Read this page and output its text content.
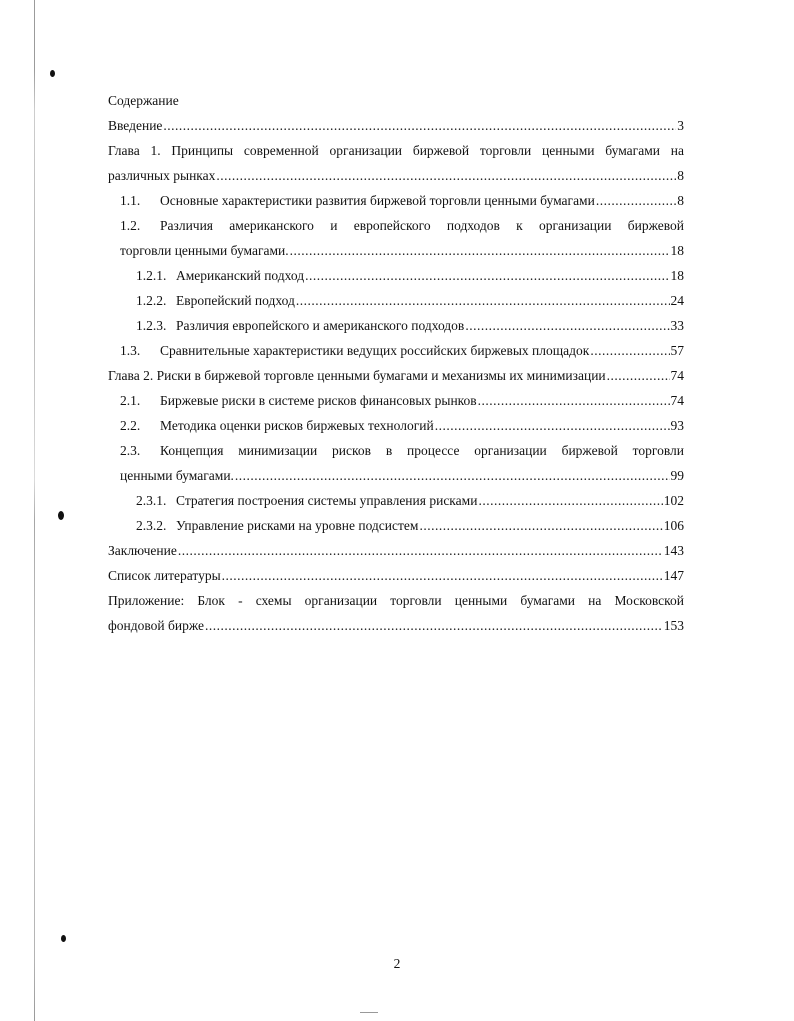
Содержание
Введение .....	3
Глава 1. Принципы современной организации биржевой торговли ценными бумагами на
различных рынках .....	8
1.1. Основные характеристики развития биржевой торговли ценными бумагами .....	8
1.2. Различия американского и европейского подходов к организации биржевой
торговли ценными бумагами. .....	18
1.2.1. Американский подход .....	18
1.2.2. Европейский подход .....	24
1.2.3. Различия европейского и американского подходов .....	33
1.3. Сравнительные характеристики ведущих российских биржевых площадок .....	57
Глава 2. Риски в биржевой торговле ценными бумагами и механизмы их минимизации .....	74
2.1. Биржевые риски в системе рисков финансовых рынков .....	74
2.2. Методика оценки рисков биржевых технологий .....	93
2.3. Концепция минимизации рисков в процессе организации биржевой торговли
ценными бумагами. .....	99
2.3.1. Стратегия построения системы управления рисками .....	102
2.3.2. Управление рисками на уровне подсистем .....	106
Заключение .....	143
Список литературы .....	147
Приложение: Блок - схемы организации торговли ценными бумагами на Московской
фондовой бирже .....	153
2
